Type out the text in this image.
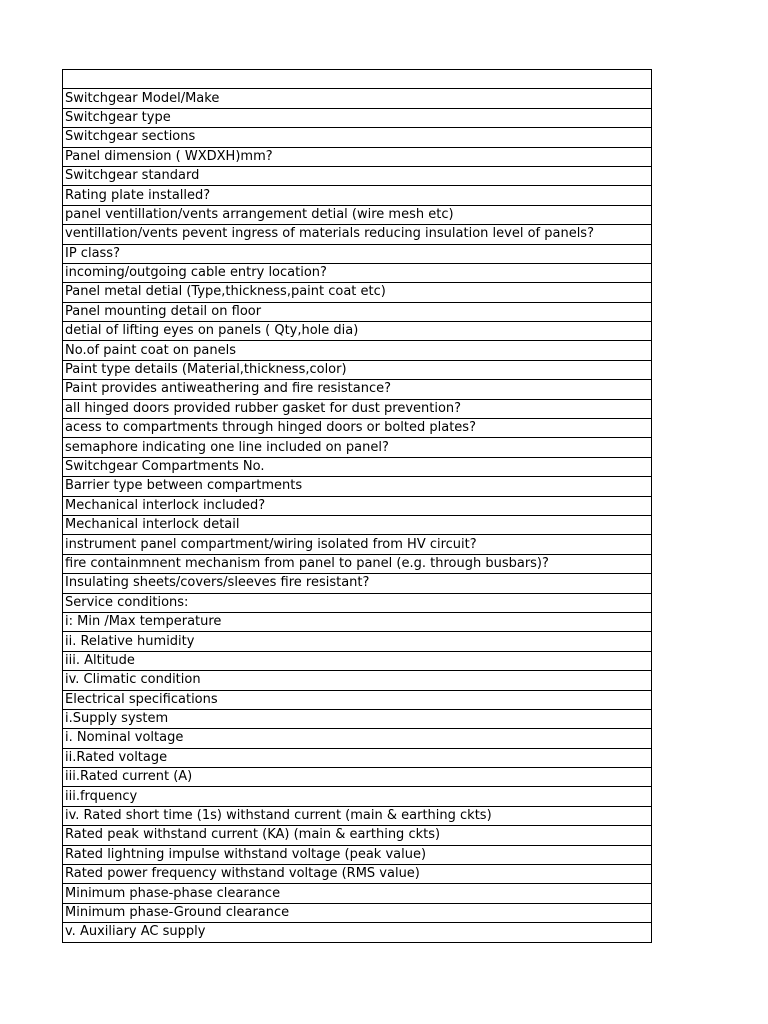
Switchgear Model/Make
Switchgear type
Switchgear sections
Panel dimension ( WXDXH)mm?
Switchgear standard
Rating plate installed?
panel ventillation/vents arrangement detial (wire mesh etc)
ventillation/vents pevent ingress of materials reducing insulation level of panels?
IP class?
incoming/outgoing cable entry location?
Panel metal detial (Type,thickness,paint coat etc)
Panel mounting detail on floor
detial of lifting eyes on panels ( Qty,hole dia)
No.of paint coat on panels
Paint type details (Material,thickness,color)
Paint provides antiweathering and fire resistance?
all hinged doors provided rubber gasket for dust prevention?
acess to compartments through hinged doors or bolted plates?
semaphore indicating one line included on panel?
Switchgear Compartments No.
Barrier type between compartments
Mechanical interlock included?
Mechanical interlock detail
instrument panel compartment/wiring isolated from HV circuit?
fire containmnent mechanism from panel to panel (e.g. through busbars)?
Insulating sheets/covers/sleeves fire resistant?
Service conditions:
i: Min /Max temperature
ii. Relative humidity
iii. Altitude
iv. Climatic condition
Electrical specifications
i.Supply system
i. Nominal voltage
ii.Rated voltage
iii.Rated current (A)
iii.frquency
iv. Rated short time (1s) withstand current (main & earthing ckts)
Rated peak withstand current (KA) (main & earthing ckts)
Rated lightning impulse withstand voltage (peak value)
Rated power frequency withstand voltage (RMS value)
Minimum phase-phase clearance
Minimum phase-Ground clearance
v. Auxiliary AC supply
